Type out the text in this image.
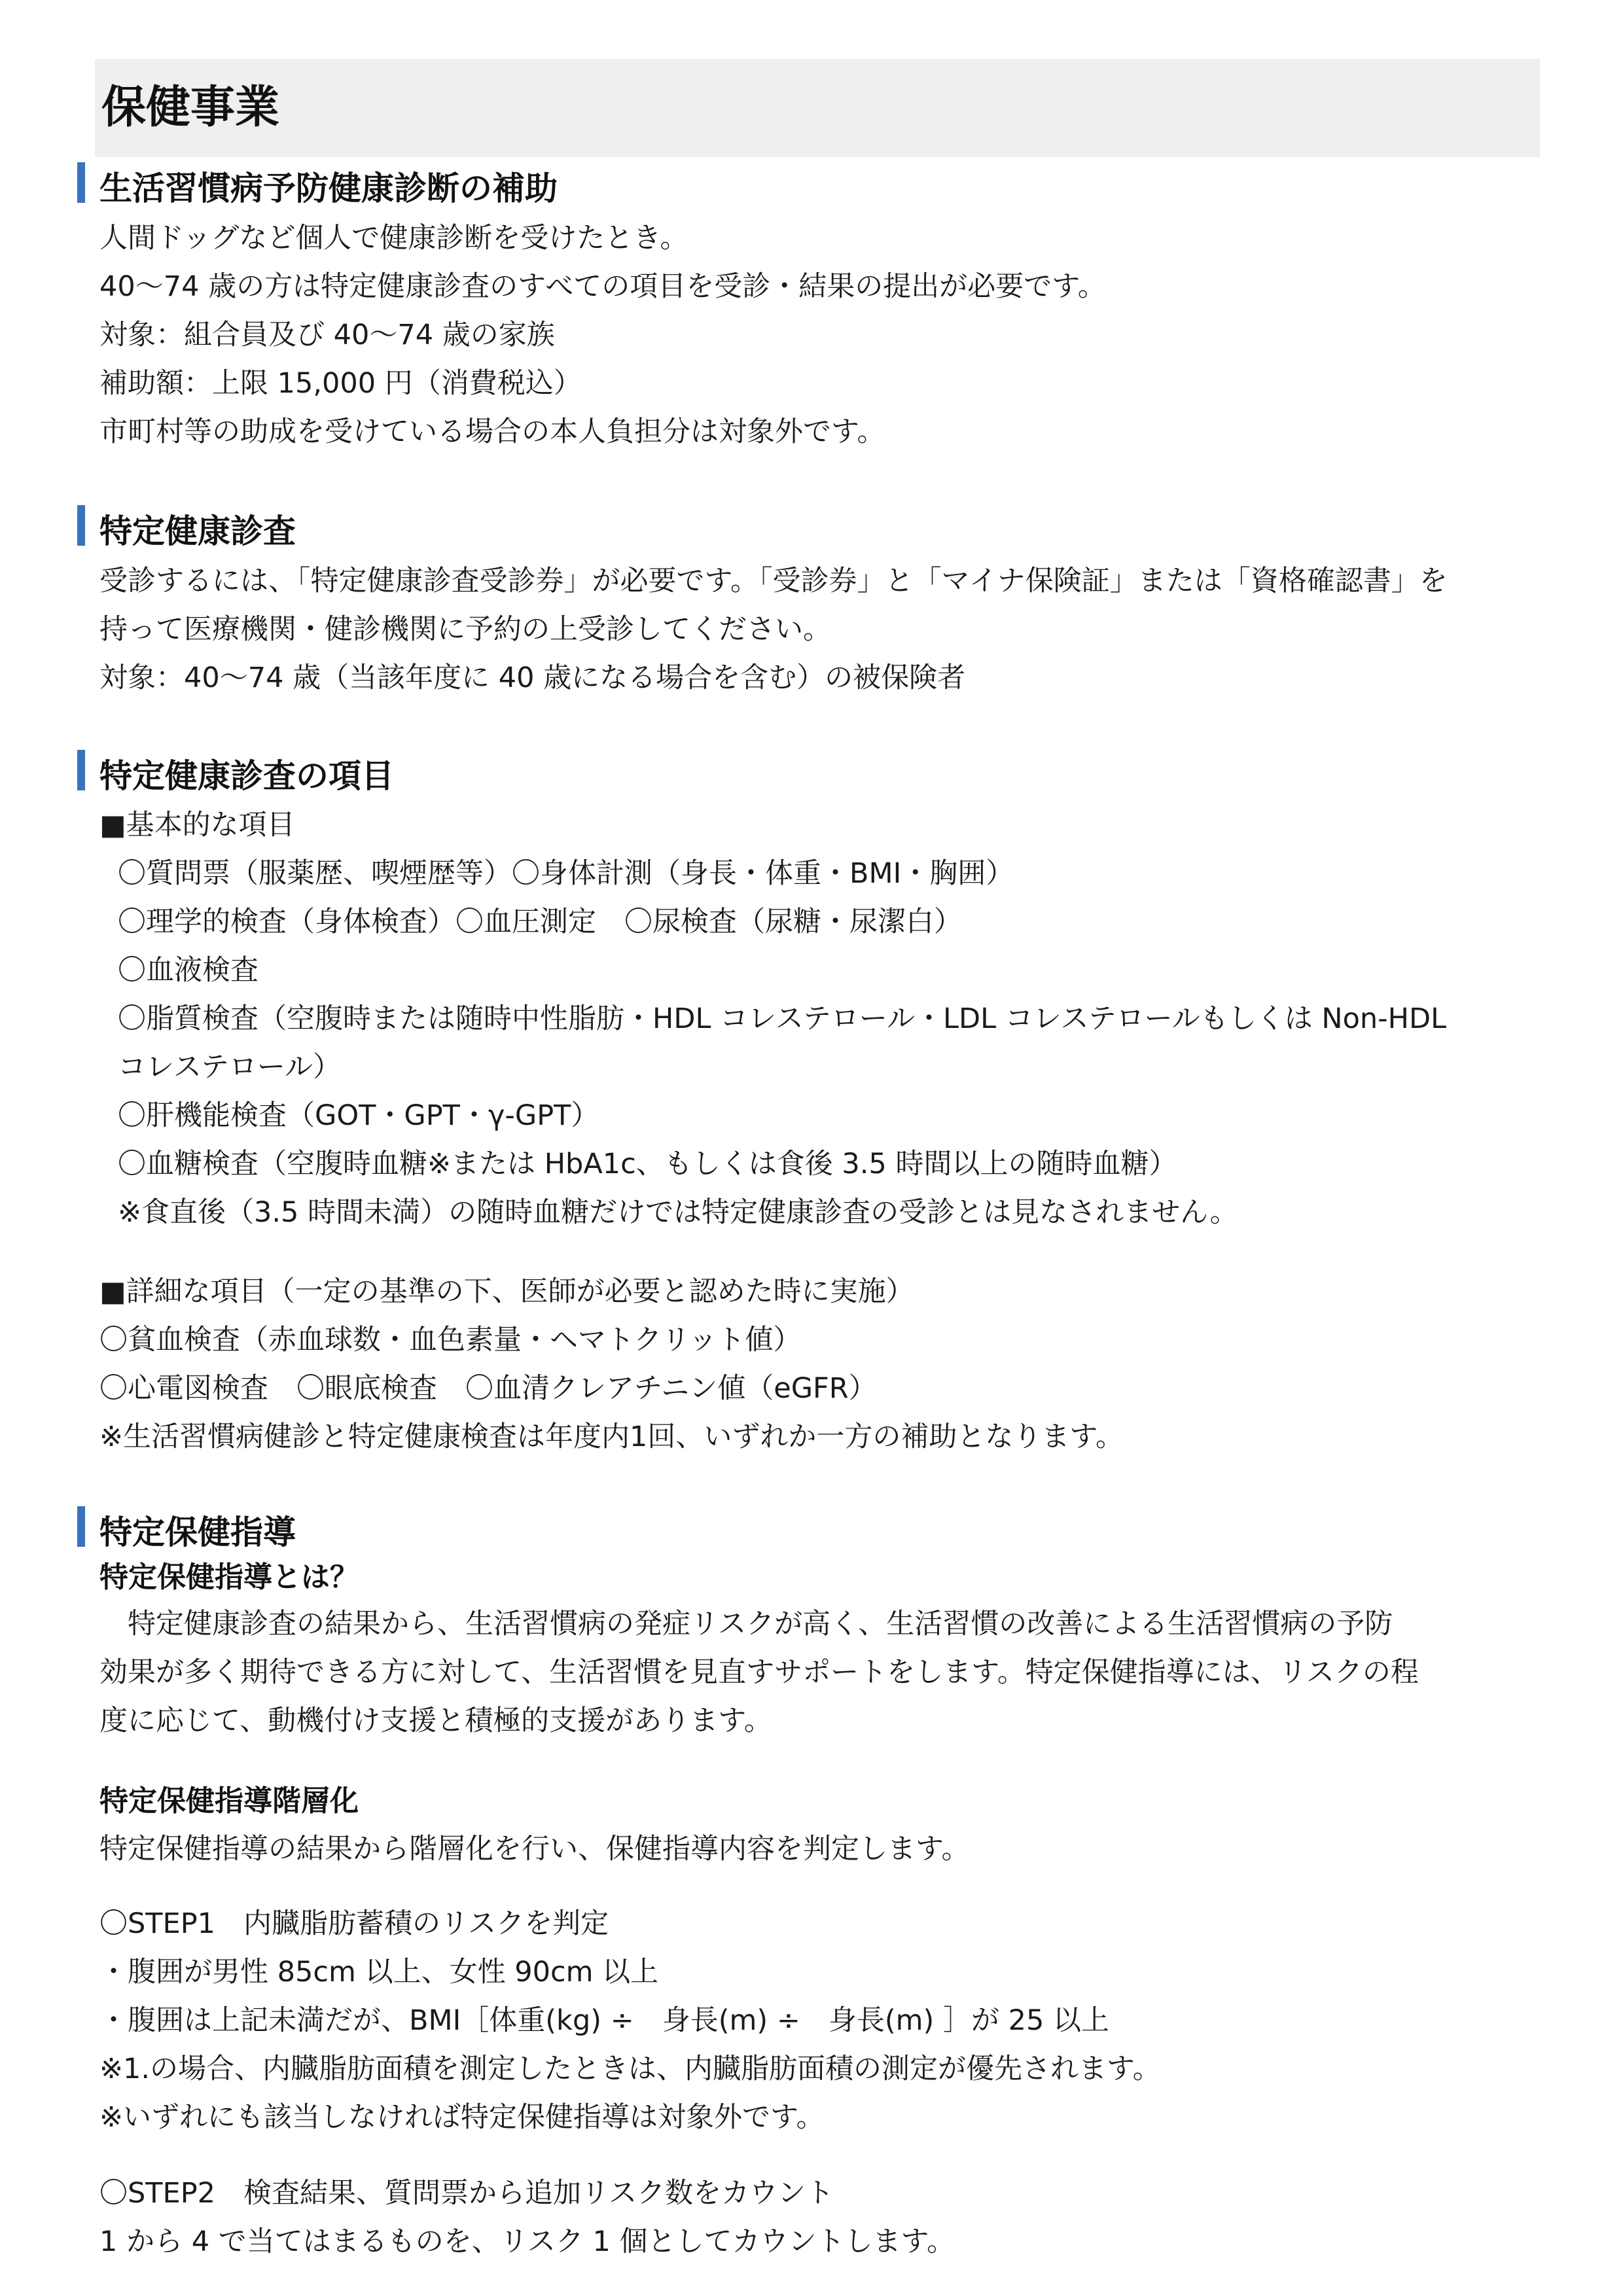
保健事業
生活習慣病予防健康診断の補助
人間ドッグなど個人で健康診断を受けたとき。
40～74 歳の方は特定健康診査のすべての項目を受診・結果の提出が必要です。
対象：組合員及び 40～74 歳の家族
補助額：上限 15,000 円（消費税込）
市町村等の助成を受けている場合の本人負担分は対象外です。
特定健康診査
受診するには、「特定健康診査受診券」が必要です。「受診券」と「マイナ保険証」または「資格確認書」を
持って医療機関・健診機関に予約の上受診してください。
対象：40～74 歳（当該年度に 40 歳になる場合を含む）の被保険者
特定健康診査の項目
■基本的な項目
〇質問票（服薬歴、喫煙歴等）〇身体計測（身長・体重・BMI・胸囲）
〇理学的検査（身体検査）〇血圧測定　〇尿検査（尿糖・尿潔白）
〇血液検査
〇脂質検査（空腹時または随時中性脂肪・HDL コレステロール・LDL コレステロールもしくは Non-HDL
コレステロール）
〇肝機能検査（GOT・GPT・γ-GPT）
〇血糖検査（空腹時血糖※または HbA1c、もしくは食後 3.5 時間以上の随時血糖）
※食直後（3.5 時間未満）の随時血糖だけでは特定健康診査の受診とは見なされません。
■詳細な項目（一定の基準の下、医師が必要と認めた時に実施）
〇貧血検査（赤血球数・血色素量・ヘマトクリット値）
〇心電図検査　〇眼底検査　〇血清クレアチニン値（eGFR）
※生活習慣病健診と特定健康検査は年度内1回、いずれか一方の補助となります。
特定保健指導
特定保健指導とは？
　特定健康診査の結果から、生活習慣病の発症リスクが高く、生活習慣の改善による生活習慣病の予防
効果が多く期待できる方に対して、生活習慣を見直すサポートをします。特定保健指導には、リスクの程
度に応じて、動機付け支援と積極的支援があります。
特定保健指導階層化
特定保健指導の結果から階層化を行い、保健指導内容を判定します。
〇STEP1　内臓脂肪蓄積のリスクを判定
・腹囲が男性 85cm 以上、女性 90cm 以上
・腹囲は上記未満だが、BMI［体重(kg) ÷　身長(m) ÷　身長(m) ］が 25 以上
※1.の場合、内臓脂肪面積を測定したときは、内臓脂肪面積の測定が優先されます。
※いずれにも該当しなければ特定保健指導は対象外です。
〇STEP2　検査結果、質問票から追加リスク数をカウント
1 から 4 で当てはまるものを、リスク 1 個としてカウントします。
